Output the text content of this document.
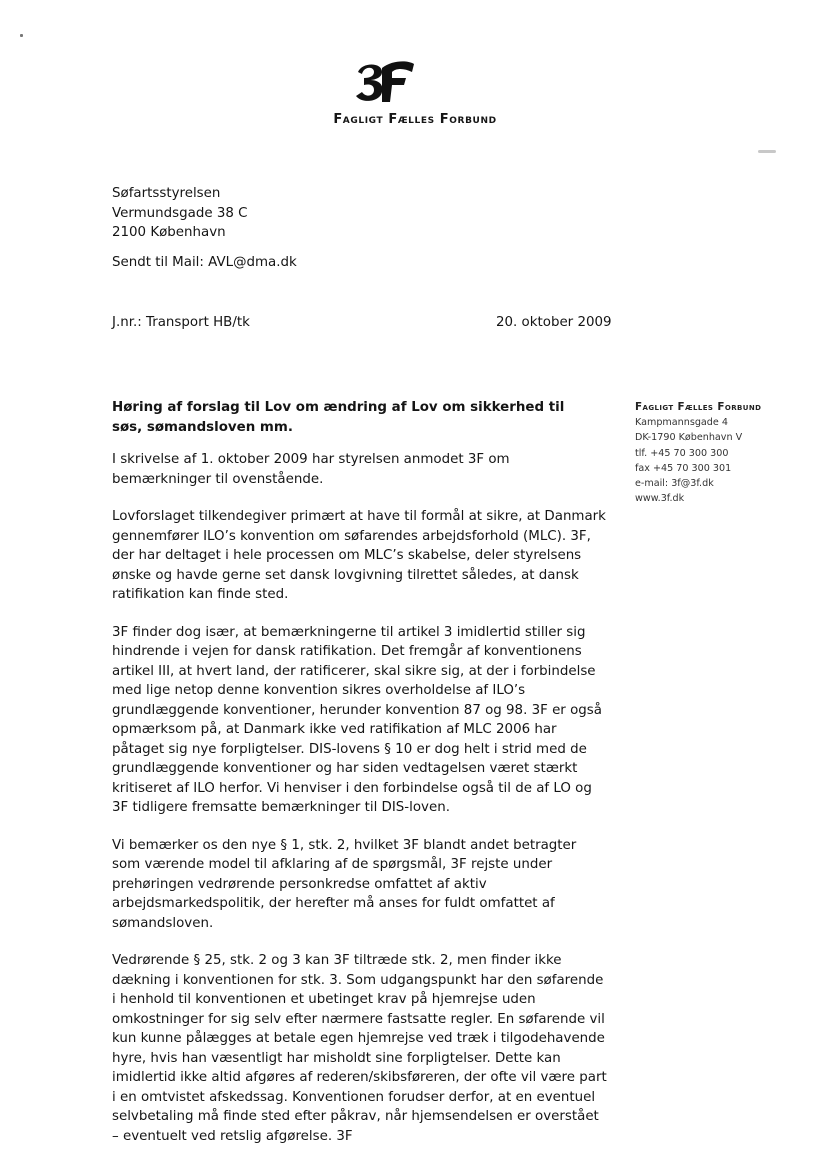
Fagligt Fælles Forbund
Søfartsstyrelsen
Vermundsgade 38 C
2100 København
Sendt til Mail: AVL@dma.dk
J.nr.: Transport HB/tk	20. oktober 2009
Høring af forslag til Lov om ændring af Lov om sikkerhed til søs, sømandsloven mm.
Fagligt Fælles Forbund
Kampmannsgade 4
DK-1790 København V
tlf. +45 70 300 300
fax +45 70 300 301
e-mail: 3f@3f.dk
www.3f.dk

I skrivelse af 1. oktober 2009 har styrelsen anmodet 3F om bemærkninger til ovenstående.

Lovforslaget tilkendegiver primært at have til formål at sikre, at Danmark gennemfører ILO’s konvention om søfarendes arbejdsforhold (MLC). 3F, der har deltaget i hele processen om MLC’s skabelse, deler styrelsens ønske og havde gerne set dansk lovgivning tilrettet således, at dansk ratifikation kan finde sted.

3F finder dog især, at bemærkningerne til artikel 3 imidlertid stiller sig hindrende i vejen for dansk ratifikation. Det fremgår af konventionens artikel III, at hvert land, der ratificerer, skal sikre sig, at der i forbindelse med lige netop denne konvention sikres overholdelse af ILO’s grundlæggende konventioner, herunder konvention 87 og 98. 3F er også opmærksom på, at Danmark ikke ved ratifikation af MLC 2006 har påtaget sig nye forpligtelser. DIS-lovens § 10 er dog helt i strid med de grundlæggende konventioner og har siden vedtagelsen været stærkt kritiseret af ILO herfor. Vi henviser i den forbindelse også til de af LO og 3F tidligere fremsatte bemærkninger til DIS-loven.

Vi bemærker os den nye § 1, stk. 2, hvilket 3F blandt andet betragter som værende model til afklaring af de spørgsmål, 3F rejste under prehøringen vedrørende personkredse omfattet af aktiv arbejdsmarkedspolitik, der herefter må anses for fuldt omfattet af sømandsloven.

Vedrørende § 25, stk. 2 og 3 kan 3F tiltræde stk. 2, men finder ikke dækning i konventionen for stk. 3. Som udgangspunkt har den søfarende i henhold til konventionen et ubetinget krav på hjemrejse uden omkostninger for sig selv efter nærmere fastsatte regler. En søfarende vil kun kunne pålægges at betale egen hjemrejse ved træk i tilgodehavende hyre, hvis han væsentligt har misholdt sine forpligtelser. Dette kan imidlertid ikke altid afgøres af rederen/skibsføreren, der ofte vil være part i en omtvistet afskedssag. Konventionen forudser derfor, at en eventuel selvbetaling må finde sted efter påkrav, når hjemsendelsen er overstået – eventuelt ved retslig afgørelse. 3F
